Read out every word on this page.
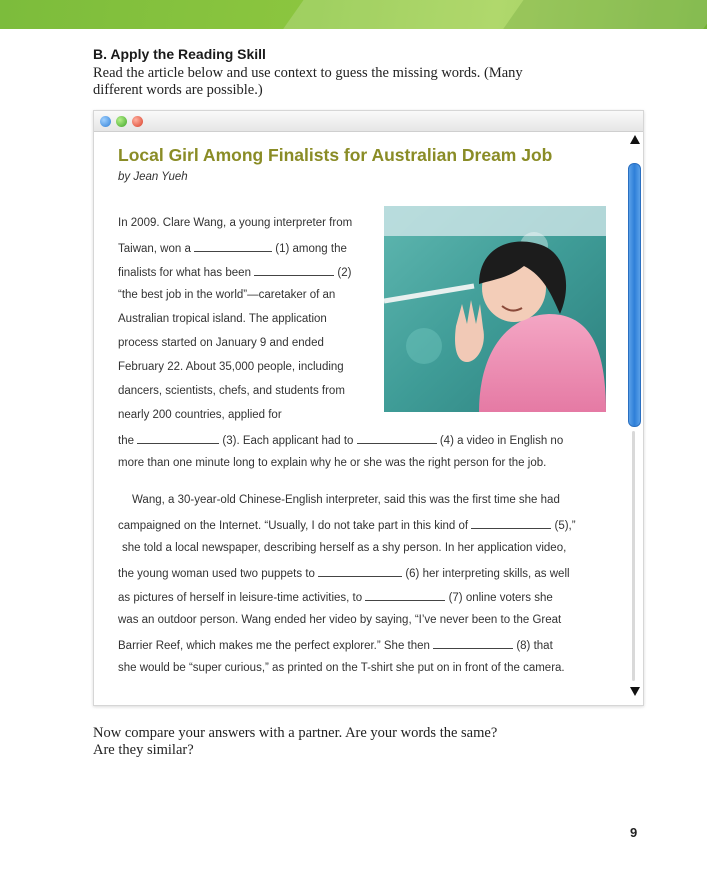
B. Apply the Reading Skill
Read the article below and use context to guess the missing words. (Many
different words are possible.)
Local Girl Among Finalists for Australian Dream Job
by Jean Yueh
In 2009. Clare Wang, a young interpreter from
Taiwan, won a	(1) among the
finalists for what has been	(2)
“the best job in the world”—caretaker of an
Australian tropical island. The application
process started on January 9 and ended
February 22. About 35,000 people, including
dancers, scientists, chefs, and students from
nearly 200 countries, applied for
the	(3). Each applicant had to	(4) a video in English no
more than one minute long to explain why he or she was the right person for the job.
Wang, a 30-year-old Chinese-English interpreter, said this was the first time she had
campaigned on the Internet. “Usually, I do not take part in this kind of	(5),”
she told a local newspaper, describing herself as a shy person. In her application video,
the young woman used two puppets to	(6) her interpreting skills, as well
as pictures of herself in leisure-time activities, to	(7) online voters she
was an outdoor person. Wang ended her video by saying, “I’ve never been to the Great
Barrier Reef, which makes me the perfect explorer.” She then	(8) that
she would be “super curious,” as printed on the T-shirt she put on in front of the camera.
Now compare your answers with a partner. Are your words the same?
Are they similar?
9
